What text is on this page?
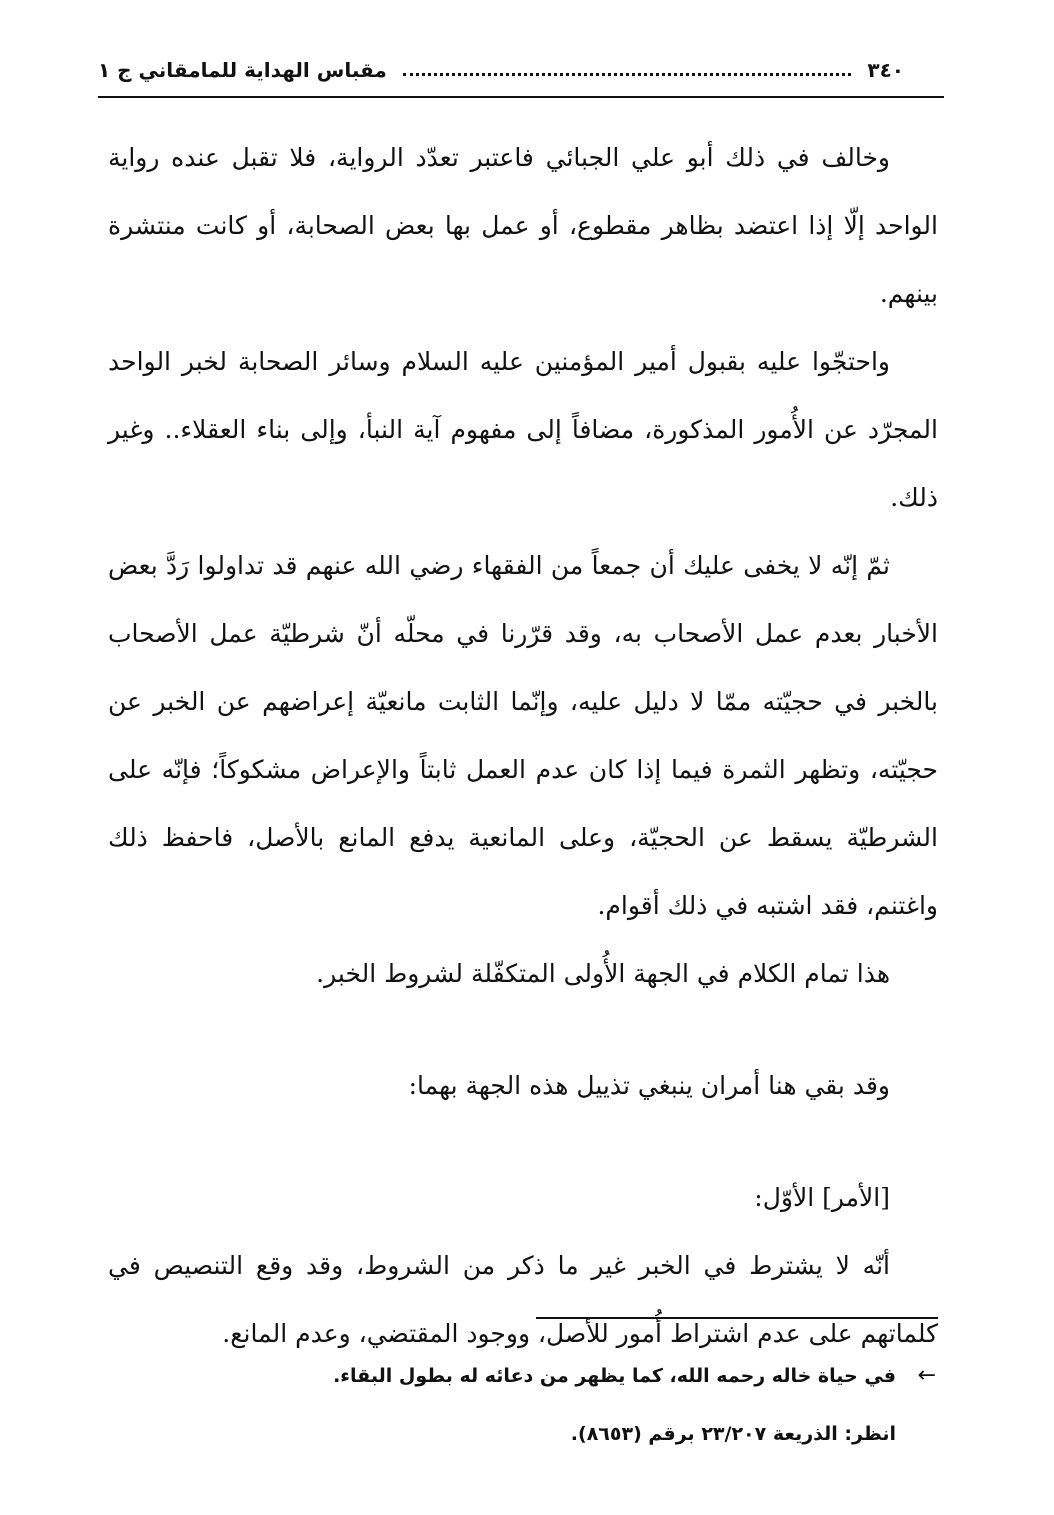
٣٤٠
مقباس الهداية للمامقاني ج ١

وخالف في ذلك أبو علي الجبائي فاعتبر تعدّد الرواية، فلا تقبل عنده رواية الواحد إلّا إذا اعتضد بظاهر مقطوع، أو عمل بها بعض الصحابة، أو كانت منتشرة بينهم.

واحتجّوا عليه بقبول أمير المؤمنين عليه السلام وسائر الصحابة لخبر الواحد المجرّد عن الأُمور المذكورة، مضافاً إلى مفهوم آية النبأ، وإلى بناء العقلاء.. وغير ذلك.

ثمّ إنّه لا يخفى عليك أن جمعاً من الفقهاء رضي الله عنهم قد تداولوا رَدَّ بعض الأخبار بعدم عمل الأصحاب به، وقد قرّرنا في محلّه أنّ شرطيّة عمل الأصحاب بالخبر في حجيّته ممّا لا دليل عليه، وإنّما الثابت مانعيّة إعراضهم عن الخبر عن حجيّته، وتظهر الثمرة فيما إذا كان عدم العمل ثابتاً والإعراض مشكوكاً؛ فإنّه على الشرطيّة يسقط عن الحجيّة، وعلى المانعية يدفع المانع بالأصل، فاحفظ ذلك واغتنم، فقد اشتبه في ذلك أقوام.

هذا تمام الكلام في الجهة الأُولى المتكفّلة لشروط الخبر.

وقد بقي هنا أمران ينبغي تذييل هذه الجهة بهما:

[الأمر] الأوّل:

أنّه لا يشترط في الخبر غير ما ذكر من الشروط، وقد وقع التنصيص في كلماتهم على عدم اشتراط أُمور للأصل، ووجود المقتضي، وعدم المانع.

←
في حياة خاله رحمه الله، كما يظهر من دعائه له بطول البقاء.
انظر: الذريعة ٢٣/٢٠٧ برقم (٨٦٥٣).
